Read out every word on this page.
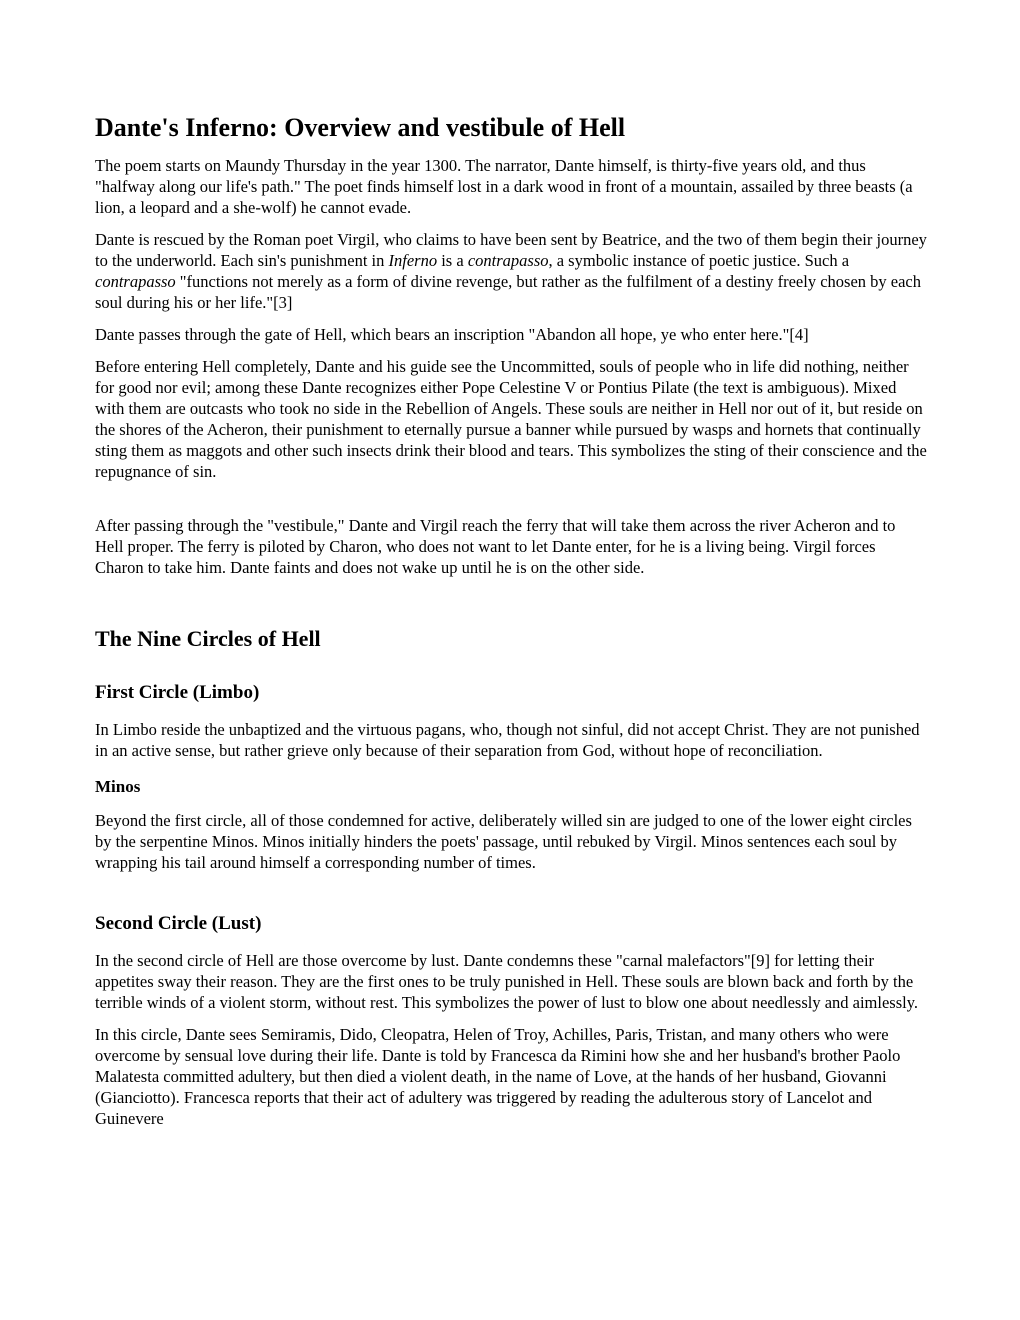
Dante's Inferno: Overview and vestibule of Hell

The poem starts on Maundy Thursday in the year 1300. The narrator, Dante himself, is thirty-five years old, and thus "halfway along our life's path." The poet finds himself lost in a dark wood in front of a mountain, assailed by three beasts (a lion, a leopard and a she-wolf) he cannot evade.

Dante is rescued by the Roman poet Virgil, who claims to have been sent by Beatrice, and the two of them begin their journey to the underworld. Each sin's punishment in Inferno is a contrapasso, a symbolic instance of poetic justice. Such a contrapasso "functions not merely as a form of divine revenge, but rather as the fulfilment of a destiny freely chosen by each soul during his or her life."[3]

Dante passes through the gate of Hell, which bears an inscription "Abandon all hope, ye who enter here."[4]

Before entering Hell completely, Dante and his guide see the Uncommitted, souls of people who in life did nothing, neither for good nor evil; among these Dante recognizes either Pope Celestine V or Pontius Pilate (the text is ambiguous). Mixed with them are outcasts who took no side in the Rebellion of Angels. These souls are neither in Hell nor out of it, but reside on the shores of the Acheron, their punishment to eternally pursue a banner while pursued by wasps and hornets that continually sting them as maggots and other such insects drink their blood and tears. This symbolizes the sting of their conscience and the repugnance of sin.

After passing through the "vestibule," Dante and Virgil reach the ferry that will take them across the river Acheron and to Hell proper. The ferry is piloted by Charon, who does not want to let Dante enter, for he is a living being. Virgil forces Charon to take him. Dante faints and does not wake up until he is on the other side.

The Nine Circles of Hell
First Circle (Limbo)

In Limbo reside the unbaptized and the virtuous pagans, who, though not sinful, did not accept Christ. They are not punished in an active sense, but rather grieve only because of their separation from God, without hope of reconciliation.

Minos

Beyond the first circle, all of those condemned for active, deliberately willed sin are judged to one of the lower eight circles by the serpentine Minos. Minos initially hinders the poets' passage, until rebuked by Virgil. Minos sentences each soul by wrapping his tail around himself a corresponding number of times.

Second Circle (Lust)

In the second circle of Hell are those overcome by lust. Dante condemns these "carnal malefactors"[9] for letting their appetites sway their reason. They are the first ones to be truly punished in Hell. These souls are blown back and forth by the terrible winds of a violent storm, without rest. This symbolizes the power of lust to blow one about needlessly and aimlessly.

In this circle, Dante sees Semiramis, Dido, Cleopatra, Helen of Troy, Achilles, Paris, Tristan, and many others who were overcome by sensual love during their life. Dante is told by Francesca da Rimini how she and her husband's brother Paolo Malatesta committed adultery, but then died a violent death, in the name of Love, at the hands of her husband, Giovanni (Gianciotto). Francesca reports that their act of adultery was triggered by reading the adulterous story of Lancelot and Guinevere
